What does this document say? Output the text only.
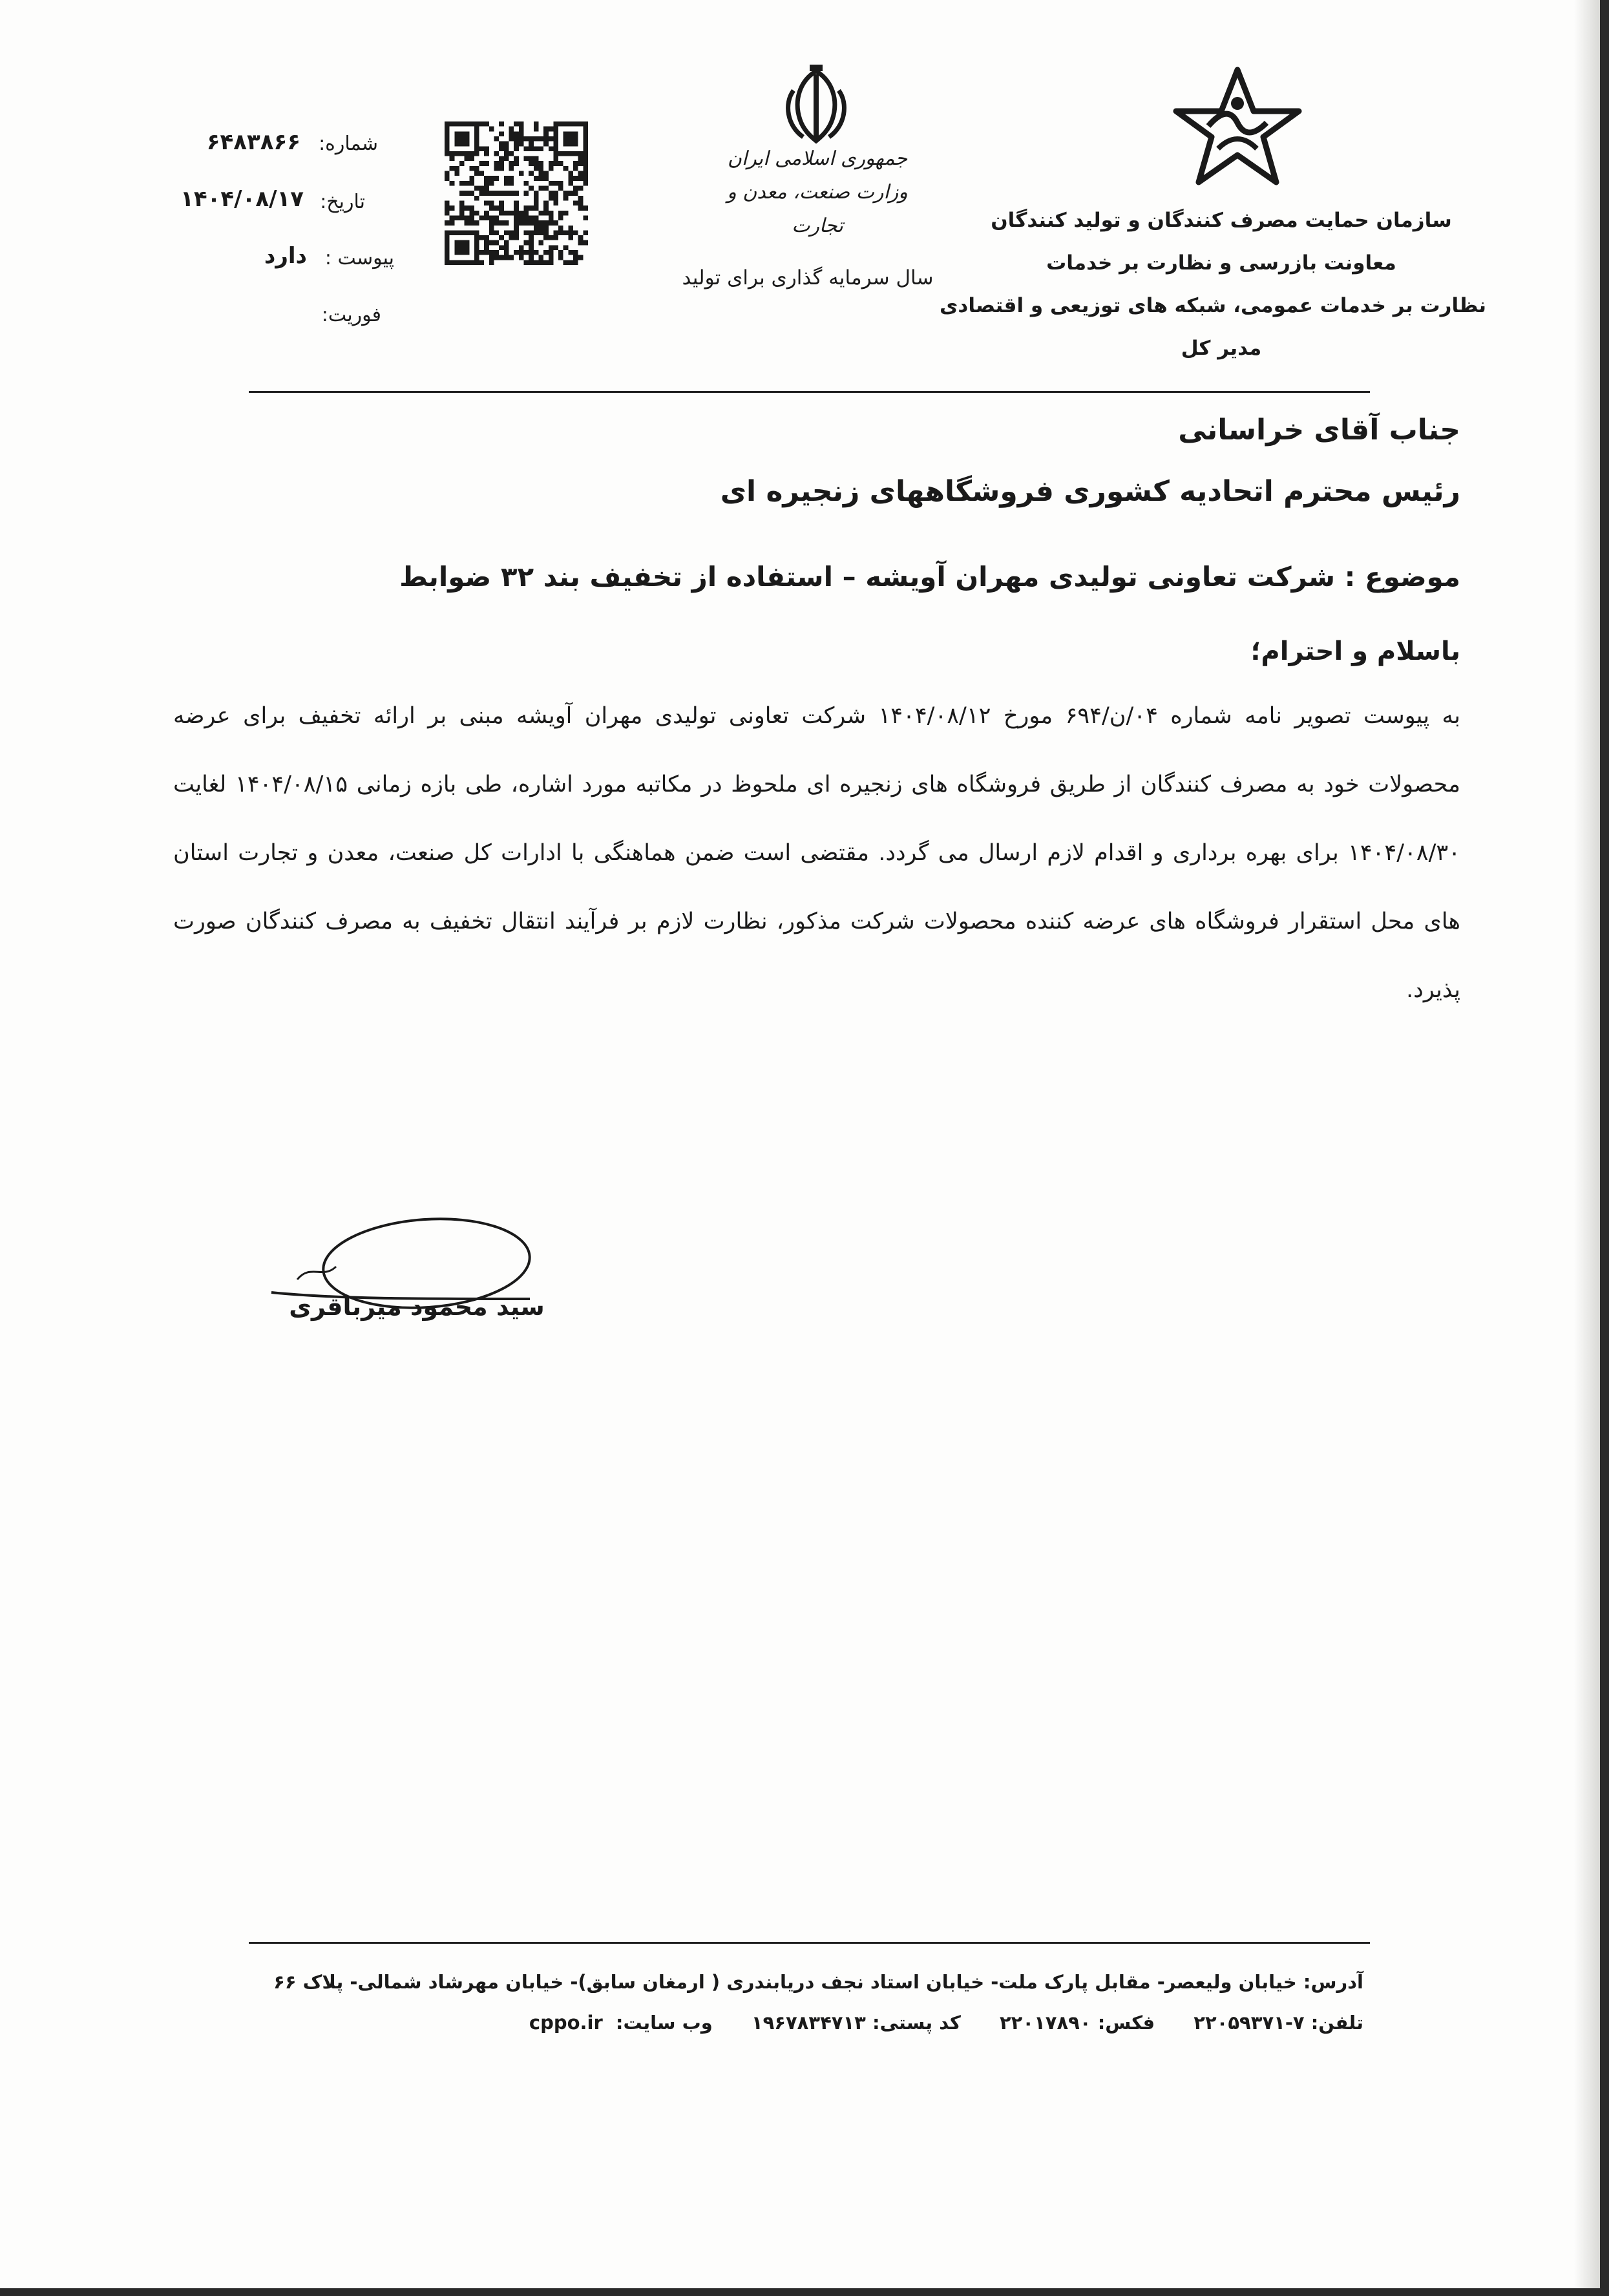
سازمان حمایت مصرف کنندگان و تولید کنندگان
معاونت بازرسی و نظارت بر خدمات
نظارت بر خدمات عمومی، شبکه های توزیعی و اقتصادی
مدیر کل
جمهوری اسلامی ایران
وزارت صنعت، معدن و تجارت
سال سرمایه گذاری برای تولید
شماره:
۶۴۸۳۸۶۶
تاریخ:
۱۴۰۴/۰۸/۱۷
پیوست :
دارد
فوریت:
جناب آقای خراسانی
رئیس محترم اتحادیه کشوری فروشگاههای زنجیره ای
موضوع : شرکت تعاونی تولیدی مهران آویشه – استفاده از تخفیف بند ۳۲ ضوابط
باسلام و احترام؛
به پیوست تصویر نامه شماره ۰۴/ن/۶۹۴ مورخ ۱۴۰۴/۰۸/۱۲ شرکت تعاونی تولیدی مهران آویشه مبنی بر ارائه تخفیف برای عرضه محصولات خود به مصرف کنندگان از طریق فروشگاه های زنجیره ای ملحوظ در مکاتبه مورد اشاره، طی بازه زمانی ۱۴۰۴/۰۸/۱۵ لغایت ۱۴۰۴/۰۸/۳۰ برای بهره برداری و اقدام لازم ارسال می گردد. مقتضی است ضمن هماهنگی با ادارات کل صنعت، معدن و تجارت استان های محل استقرار فروشگاه های عرضه کننده محصولات شرکت مذکور، نظارت لازم بر فرآیند انتقال تخفیف به مصرف کنندگان صورت پذیرد.
سید محمود میرباقری
آدرس: خیابان ولیعصر- مقابل پارک ملت- خیابان استاد نجف دریابندری ( ارمغان سابق)- خیابان مهرشاد شمالی- پلاک ۶۶
تلفن: ۷-۲۲۰۵۹۳۷۱ فکس: ۲۲۰۱۷۸۹۰ کد پستی: ۱۹۶۷۸۳۴۷۱۳ وب سایت: cppo.ir
